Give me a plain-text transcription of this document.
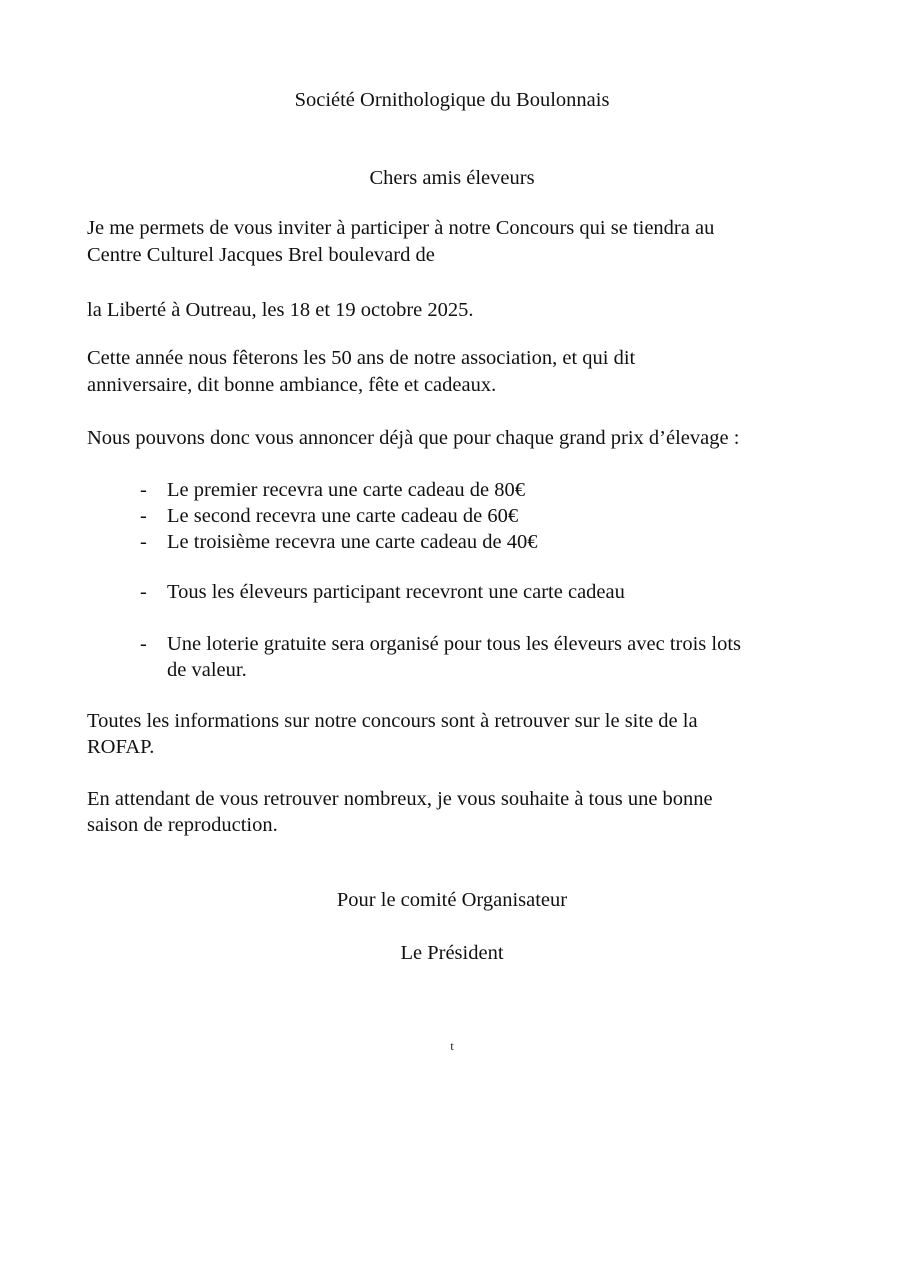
Société Ornithologique du Boulonnais
Chers amis éleveurs
Je me permets de vous inviter à participer à notre Concours qui se tiendra au
Centre Culturel Jacques Brel boulevard de
la Liberté à Outreau, les 18 et 19 octobre 2025.
Cette année nous fêterons les 50 ans de notre association, et qui dit
anniversaire, dit bonne ambiance, fête et cadeaux.
Nous pouvons donc vous annoncer déjà que pour chaque grand prix d’élevage :
- Le premier recevra une carte cadeau de 80€
- Le second recevra une carte cadeau de 60€
- Le troisième recevra une carte cadeau de 40€
- Tous les éleveurs participant recevront une carte cadeau
- Une loterie gratuite sera organisé pour tous les éleveurs avec trois lots
de valeur.
Toutes les informations sur notre concours sont à retrouver sur le site de la
ROFAP.
En attendant de vous retrouver nombreux, je vous souhaite à tous une bonne
saison de reproduction.
Pour le comité Organisateur
Le Président
t
